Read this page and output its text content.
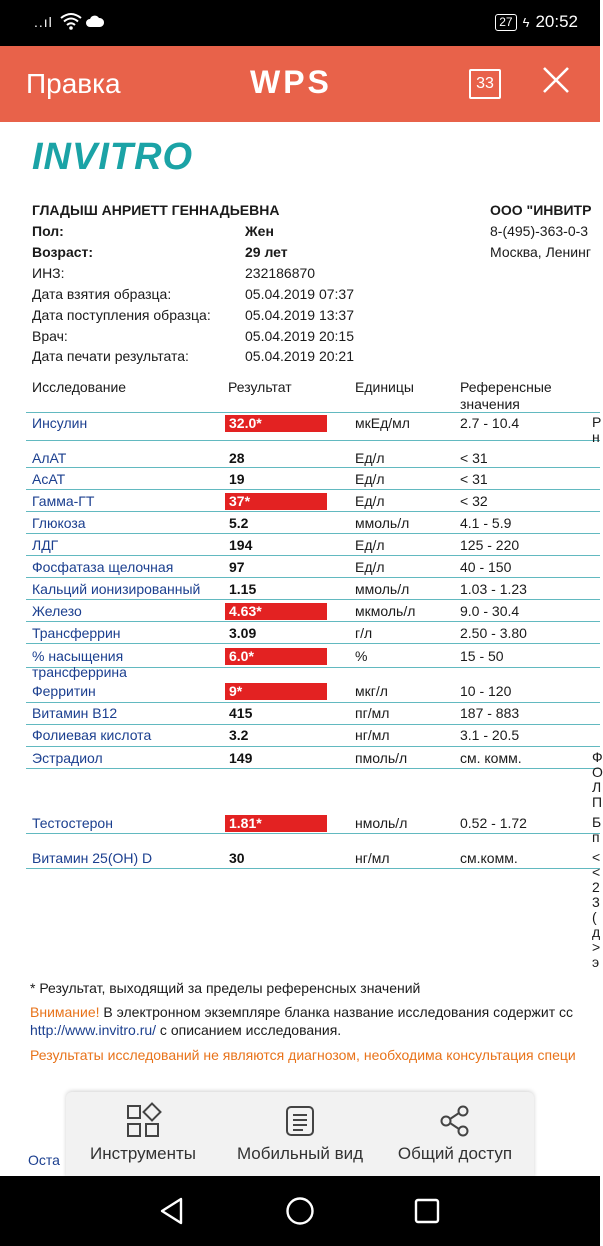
..ıl	27 ϟ 20:52
Правка	WPS	33
INVITRO
ГЛАДЫШ АНРИЕТТ ГЕННАДЬЕВНА
Пол:	Жен
Возраст:	29 лет
ИНЗ:	232186870
Дата взятия образца:	05.04.2019 07:37
Дата поступления образца: 05.04.2019 13:37
Врач:	05.04.2019 20:15
Дата печати результата:	05.04.2019 20:21
ООО "ИНВИТР
8-(495)-363-0-3
Москва, Ленинг
Исследование	Результат	Единицы	Референсные
значения
Инсулин	32.0*	мкЕд/мл	2.7 - 10.4	Р
н
АлАТ	28	Ед/л	< 31
АсАТ	19	Ед/л	< 31
Гамма-ГТ	37*	Ед/л	< 32
Глюкоза	5.2	ммоль/л	4.1 - 5.9
ЛДГ	194	Ед/л	125 - 220
Фосфатаза щелочная	97	Ед/л	40 - 150
Кальций ионизированный 1.15	ммоль/л	1.03 - 1.23
Железо	4.63*	мкмоль/л	9.0 - 30.4
Трансферрин	3.09	г/л	2.50 - 3.80
% насыщения
трансферрина
6.0*	%	15 - 50
Ферритин	9*	мкг/л	10 - 120
Витамин В12	415	пг/мл	187 - 883
Фолиевая кислота	3.2	нг/мл	3.1 - 20.5
Эстрадиол	149	пмоль/л	см. комм.	Ф
О
Л
П
Тестостерон	1.81*	нмоль/л	0.52 - 1.72	Б
п
Витамин 25(OH) D	30	нг/мл	см.комм.	<
<
2
3
(
д
>
э
* Результат, выходящий за пределы референсных значений
Внимание! В электронном экземпляре бланка название исследования содержит сс
http://www.invitro.ru/ с описанием исследования.
Результаты исследований не являются диагнозом, необходима консультация специ
Оста	Инструменты	Мобильный вид	Общий доступ
